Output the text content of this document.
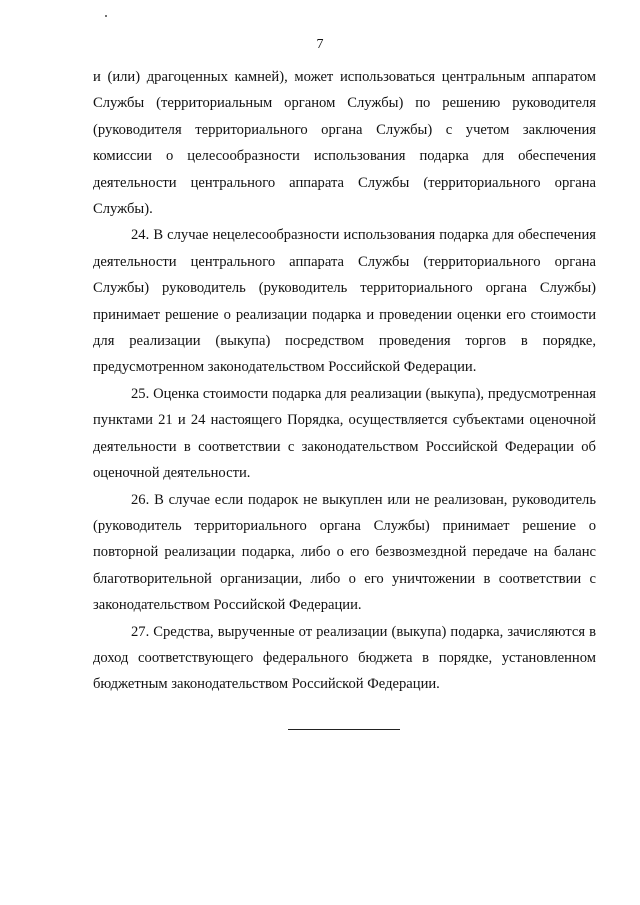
7

и (или) драгоценных камней), может использоваться центральным аппаратом Службы (территориальным органом Службы) по решению руководителя (руководителя территориального органа Службы) с учетом заключения комиссии о целесообразности использования подарка для обеспечения деятельности центрального аппарата Службы (территориального органа Службы).

24. В случае нецелесообразности использования подарка для обеспечения деятельности центрального аппарата Службы (территориального органа Службы) руководитель (руководитель территориального органа Службы) принимает решение о реализации подарка и проведении оценки его стоимости для реализации (выкупа) посредством проведения торгов в порядке, предусмотренном законодательством Российской Федерации.

25. Оценка стоимости подарка для реализации (выкупа), предусмотренная пунктами 21 и 24 настоящего Порядка, осуществляется субъектами оценочной деятельности в соответствии с законодательством Российской Федерации об оценочной деятельности.

26. В случае если подарок не выкуплен или не реализован, руководитель (руководитель территориального органа Службы) принимает решение о повторной реализации подарка, либо о его безвозмездной передаче на баланс благотворительной организации, либо о его уничтожении в соответствии с законодательством Российской Федерации.

27. Средства, вырученные от реализации (выкупа) подарка, зачисляются в доход соответствующего федерального бюджета в порядке, установленном бюджетным законодательством Российской Федерации.
